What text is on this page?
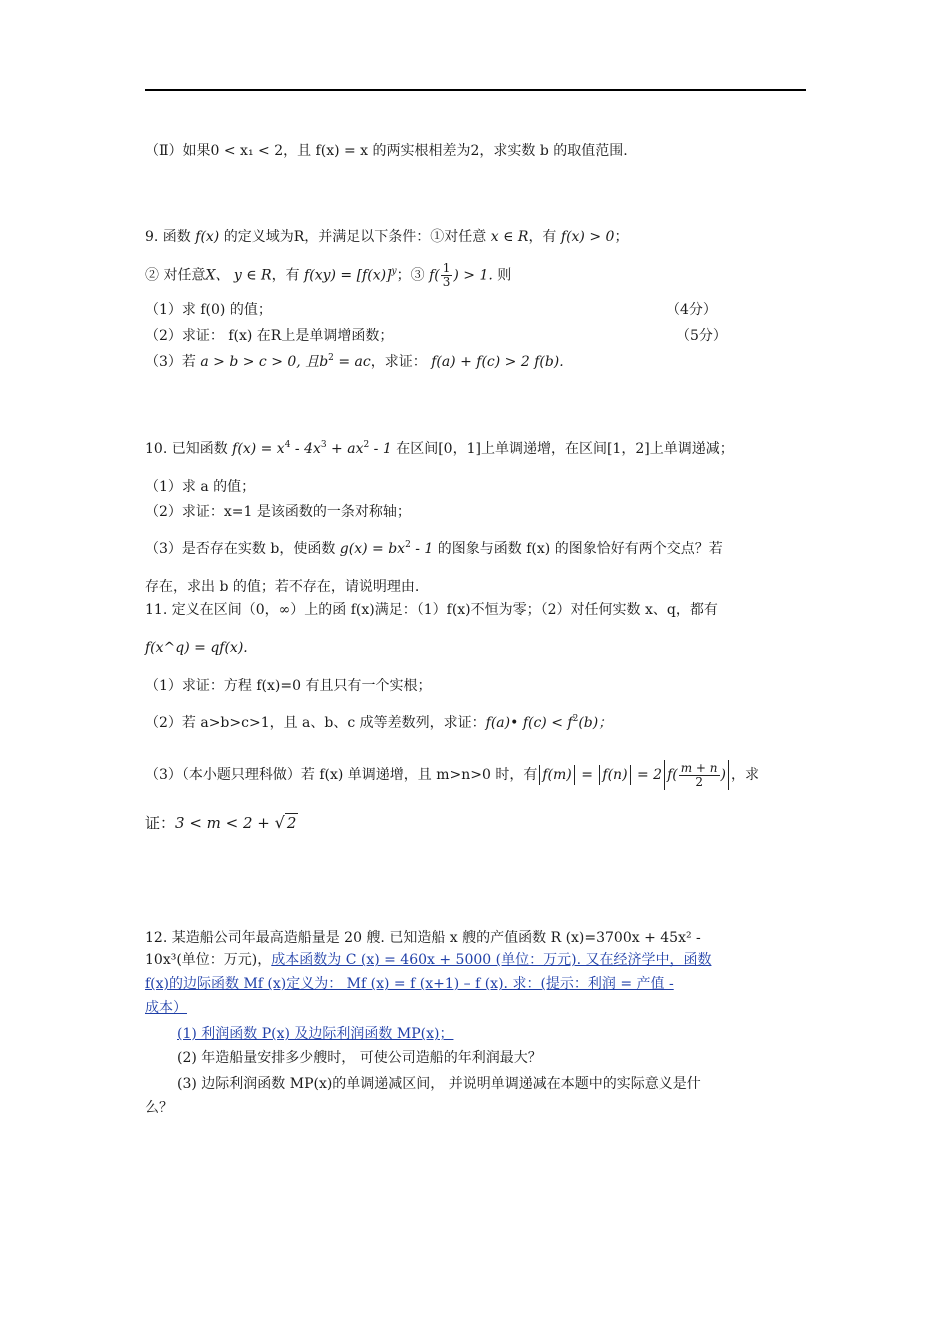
（Ⅱ）如果0 < x₁ < 2，且 f(x) = x 的两实根相差为2，求实数 b 的取值范围.
9. 函数 f(x) 的定义域为R，并满足以下条件：①对任意 x ∈ R，有 f(x) > 0；
② 对任意X、 y ∈ R，有 $f(xy) = [f(x)]^y$；③ $f( \frac{1}{3}$ ) > 1. 则
（1）求 f(0) 的值；	（4分）
（2）求证： f(x) 在R上是单调增函数；	（5分）
（3）若 a > b > c > 0, 且$b^2$ = ac，求证： f(a) + f(c) > 2 f(b).
10. 已知函数 $f(x) = x^4 - 4x^3 + ax^2 - 1$ 在区间[0，1]上单调递增，在区间[1，2]上单调递减；
（1）求 a 的值；
（2）求证：x=1 是该函数的一条对称轴；
（3）是否存在实数 b，使函数 $g(x) = bx^2 - 1$ 的图象与函数 f(x) 的图象恰好有两个交点？若
存在，求出 b 的值；若不存在，请说明理由.
11. 定义在区间（0，∞）上的函 f(x)满足：（1）f(x)不恒为零；（2）对任何实数 x、q，都有
f(x^q) = qf(x).
（1）求证：方程 f(x)=0 有且只有一个实根；
（2）若 a>b>c>1，且 a、b、c 成等差数列，求证：f(a)• $f(c) < f^2(b)$；
（3）（本小题只理科做）若 f(x) 单调递增，且 m>n>0 时，有 f(m) = f(n) = 2 $f( \frac{m + n}{2}$ ) ，求
证：3 < m < 2 + √ 2
12. 某造船公司年最高造船量是 20 艘. 已知造船 x 艘的产值函数 R (x)=3700x + 45x² -
10x³(单位：万元)，成本函数为 C (x) = 460x + 5000 (单位：万元). 又在经济学中，函数
f(x)的边际函数 Mf (x)定义为： Mf (x) = f (x+1) – f (x). 求：(提示：利润 = 产值 -
成本）
(1) 利润函数 P(x) 及边际利润函数 MP(x)；
(2) 年造船量安排多少艘时， 可使公司造船的年利润最大？
(3) 边际利润函数 MP(x)的单调递减区间， 并说明单调递减在本题中的实际意义是什
么？
